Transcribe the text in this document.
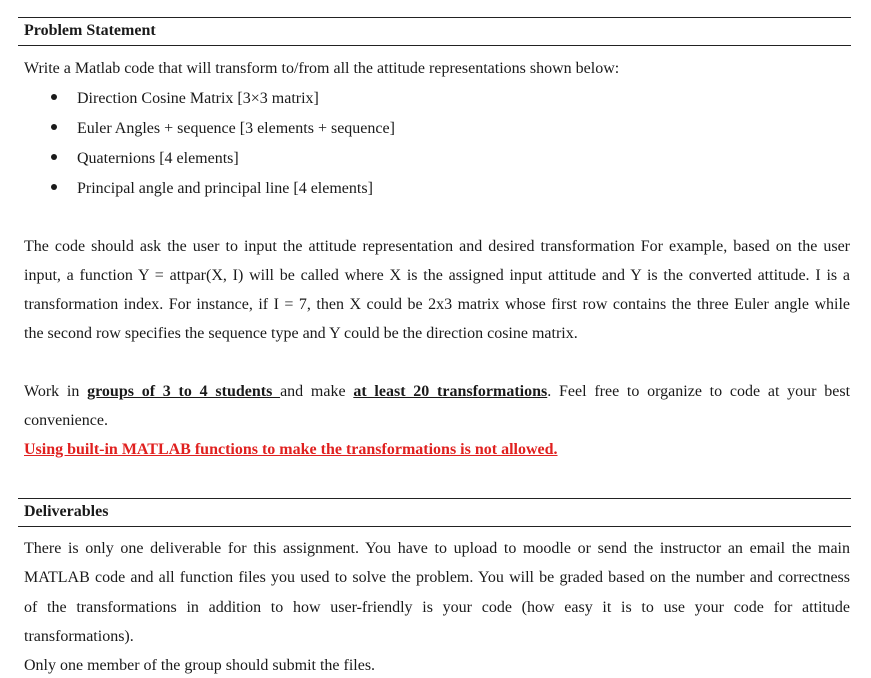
Problem Statement
Write a Matlab code that will transform to/from all the attitude representations shown below:
Direction Cosine Matrix [3×3 matrix]
Euler Angles + sequence [3 elements + sequence]
Quaternions [4 elements]
Principal angle and principal line [4 elements]
The code should ask the user to input the attitude representation and desired transformation For example, based on the user
input, a function Y = attpar(X, I) will be called where X is the assigned input attitude and Y is the converted attitude. I is a
transformation index. For instance, if I = 7, then X could be 2x3 matrix whose first row contains the three Euler angle while
the second row specifies the sequence type and Y could be the direction cosine matrix.
Work in groups of 3 to 4 students and make at least 20 transformations. Feel free to organize to code at your best
convenience.
Using built-in MATLAB functions to make the transformations is not allowed.
Deliverables
There is only one deliverable for this assignment. You have to upload to moodle or send the instructor an email the main
MATLAB code and all function files you used to solve the problem. You will be graded based on the number and correctness
of the transformations in addition to how user-friendly is your code (how easy it is to use your code for attitude
transformations).
Only one member of the group should submit the files.
